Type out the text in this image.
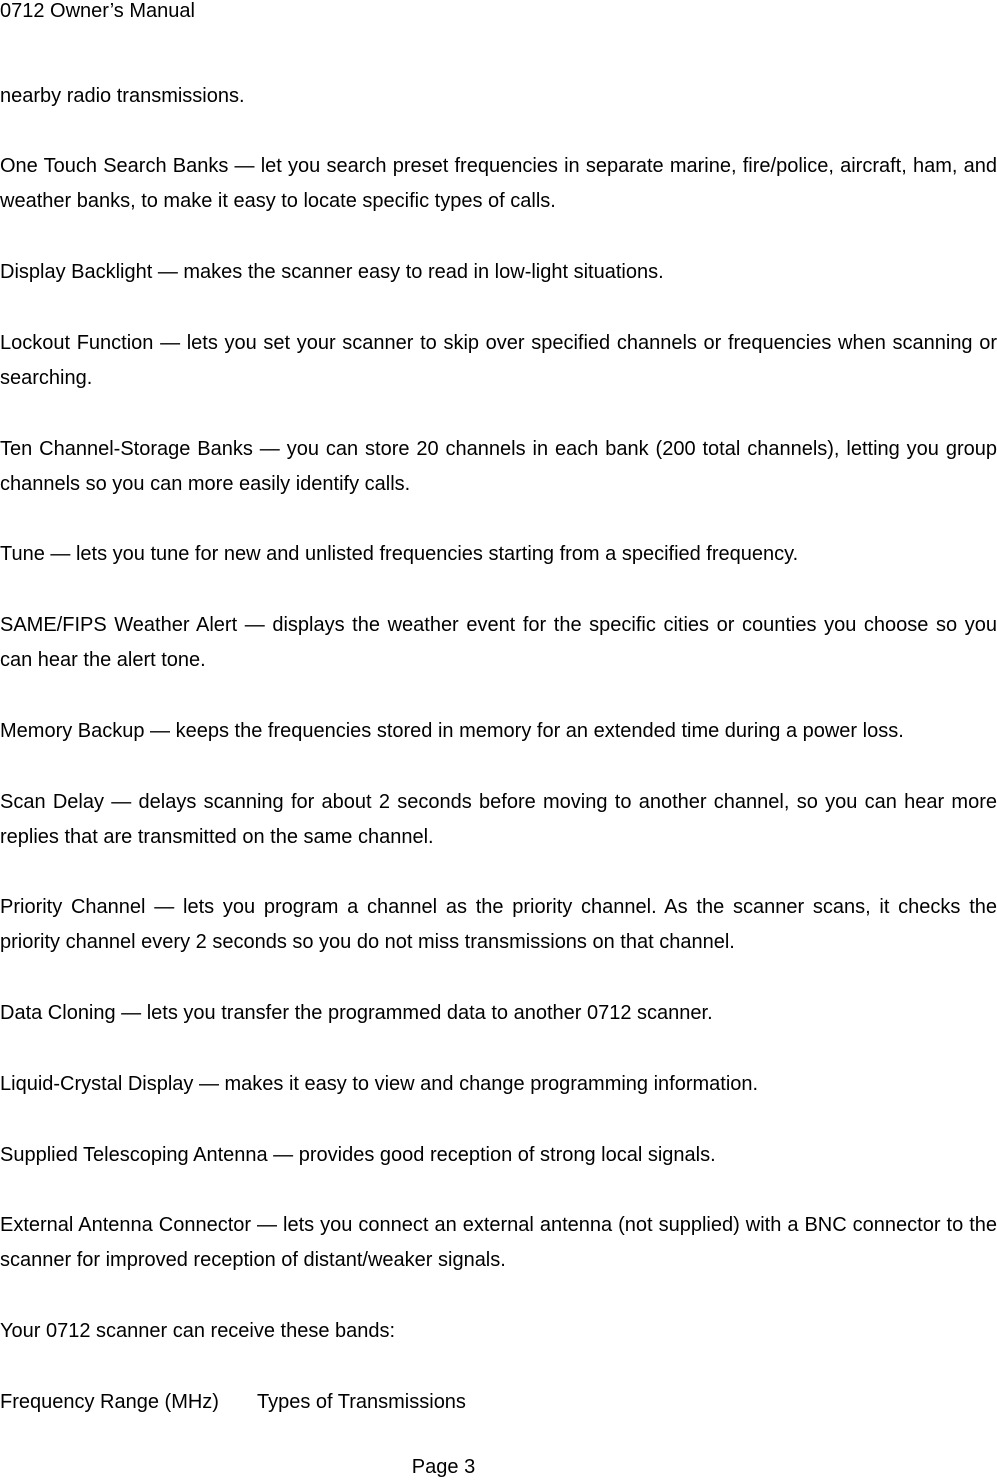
0712 Owner’s Manual
nearby radio transmissions.
One Touch Search Banks — let you search preset frequencies in separate marine, fire/police, aircraft, ham, and weather banks, to make it easy to locate specific types of calls.
Display Backlight — makes the scanner easy to read in low-light situations.
Lockout Function — lets you set your scanner to skip over specified channels or frequencies when scanning or searching.
Ten Channel-Storage Banks — you can store 20 channels in each bank (200 total channels), letting you group channels so you can more easily identify calls.
Tune — lets you tune for new and unlisted frequencies starting from a specified frequency.
SAME/FIPS Weather Alert — displays the weather event for the specific cities or counties you choose so you can hear the alert tone.
Memory Backup — keeps the frequencies stored in memory for an extended time during a power loss.
Scan Delay — delays scanning for about 2 seconds before moving to another channel, so you can hear more replies that are transmitted on the same channel.
Priority Channel — lets you program a channel as the priority channel. As the scanner scans, it checks the priority channel every 2 seconds so you do not miss transmissions on that channel.
Data Cloning — lets you transfer the programmed data to another 0712 scanner.
Liquid-Crystal Display — makes it easy to view and change programming information.
Supplied Telescoping Antenna — provides good reception of strong local signals.
External Antenna Connector — lets you connect an external antenna (not supplied) with a BNC connector to the scanner for improved reception of distant/weaker signals.
Your 0712 scanner can receive these bands:
Frequency Range (MHz) Types of Transmissions
Page 3
